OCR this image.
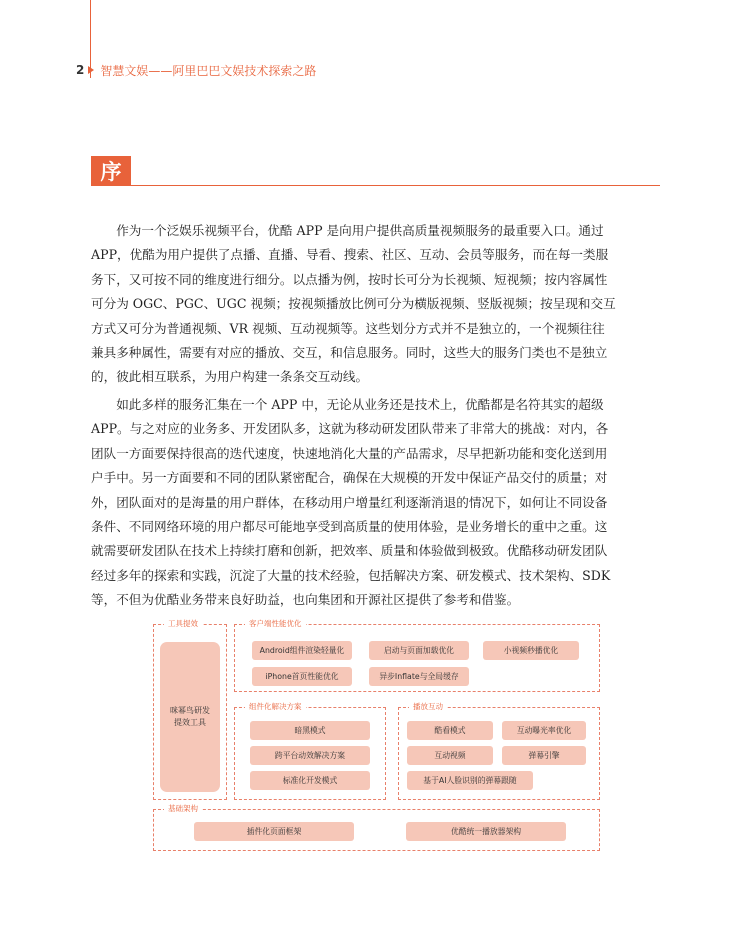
2 智慧文娱——阿里巴巴文娱技术探索之路
序

　　作为一个泛娱乐视频平台，优酷 APP 是向用户提供高质量视频服务的最重要入口。通过
APP，优酷为用户提供了点播、直播、导看、搜索、社区、互动、会员等服务，而在每一类服
务下，又可按不同的维度进行细分。以点播为例，按时长可分为长视频、短视频；按内容属性
可分为 OGC、PGC、UGC 视频；按视频播放比例可分为横版视频、竖版视频；按呈现和交互
方式又可分为普通视频、VR 视频、互动视频等。这些划分方式并不是独立的，一个视频往往
兼具多种属性，需要有对应的播放、交互，和信息服务。同时，这些大的服务门类也不是独立
的，彼此相互联系，为用户构建一条条交互动线。

　　如此多样的服务汇集在一个 APP 中，无论从业务还是技术上，优酷都是名符其实的超级
APP。与之对应的业务多、开发团队多，这就为移动研发团队带来了非常大的挑战：对内，各
团队一方面要保持很高的迭代速度，快速地消化大量的产品需求，尽早把新功能和变化送到用
户手中。另一方面要和不同的团队紧密配合，确保在大规模的开发中保证产品交付的质量；对
外，团队面对的是海量的用户群体，在移动用户增量红利逐渐消退的情况下，如何让不同设备
条件、不同网络环境的用户都尽可能地享受到高质量的使用体验，是业务增长的重中之重。这
就需要研发团队在技术上持续打磨和创新，把效率、质量和体验做到极致。优酷移动研发团队
经过多年的探索和实践，沉淀了大量的技术经验，包括解决方案、研发模式、技术架构、SDK
等，不但为优酷业务带来良好助益，也向集团和开源社区提供了参考和借鉴。

工具提效
咪幂鸟研发
提效工具
客户端性能优化
Android组件渲染轻量化	启动与页面加载优化	小视频秒播优化
iPhone首页性能优化	异步Inflate与全局缓存
组件化解决方案
暗黑模式
跨平台动效解决方案
标准化开发模式
播放互动
酷看模式	互动曝光率优化
互动视频	弹幕引擎
基于AI人脸识别的弹幕跟随
基础架构
插件化页面框架	优酷统一播放器架构
